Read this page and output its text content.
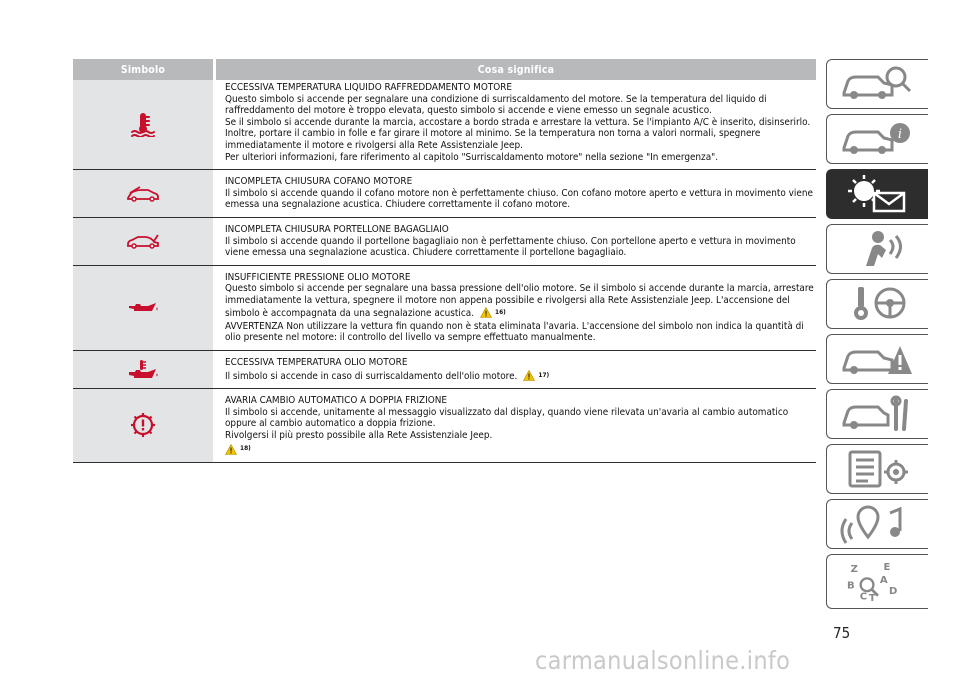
Simbolo	Cosa significa

ECCESSIVA TEMPERATURA LIQUIDO RAFFREDDAMENTO MOTORE

Questo simbolo si accende per segnalare una condizione di surriscaldamento del motore. Se la temperatura del liquido di raffreddamento del motore è troppo elevata, questo simbolo si accende e viene emesso un segnale acustico.

Se il simbolo si accende durante la marcia, accostare a bordo strada e arrestare la vettura. Se l'impianto A/C è inserito, disinserirlo. Inoltre, portare il cambio in folle e far girare il motore al minimo. Se la temperatura non torna a valori normali, spegnere immediatamente il motore e rivolgersi alla Rete Assistenziale Jeep.

Per ulteriori informazioni, fare riferimento al capitolo "Surriscaldamento motore" nella sezione "In emergenza".

INCOMPLETA CHIUSURA COFANO MOTORE

Il simbolo si accende quando il cofano motore non è perfettamente chiuso. Con cofano motore aperto e vettura in movimento viene emessa una segnalazione acustica. Chiudere correttamente il cofano motore.

INCOMPLETA CHIUSURA PORTELLONE BAGAGLIAIO

Il simbolo si accende quando il portellone bagagliaio non è perfettamente chiuso. Con portellone aperto e vettura in movimento viene emessa una segnalazione acustica. Chiudere correttamente il portellone bagagliaio.

INSUFFICIENTE PRESSIONE OLIO MOTORE

Questo simbolo si accende per segnalare una bassa pressione dell'olio motore. Se il simbolo si accende durante la marcia, arrestare immediatamente la vettura, spegnere il motore non appena possibile e rivolgersi alla Rete Assistenziale Jeep. L'accensione del simbolo è accompagnata da una segnalazione acustica.	16)

AVVERTENZA Non utilizzare la vettura fin quando non è stata eliminata l'avaria. L'accensione del simbolo non indica la quantità di olio presente nel motore: il controllo del livello va sempre effettuato manualmente.

ECCESSIVA TEMPERATURA OLIO MOTORE

Il simbolo si accende in caso di surriscaldamento dell'olio motore.	17)

AVARIA CAMBIO AUTOMATICO A DOPPIA FRIZIONE

Il simbolo si accende, unitamente al messaggio visualizzato dal display, quando viene rilevata un'avaria al cambio automatico oppure al cambio automatico a doppia frizione.

Rivolgersi il più presto possibile alla Rete Assistenziale Jeep.

18)

i
Z E
A
B
C T
D
75
carmanualsonline.info
